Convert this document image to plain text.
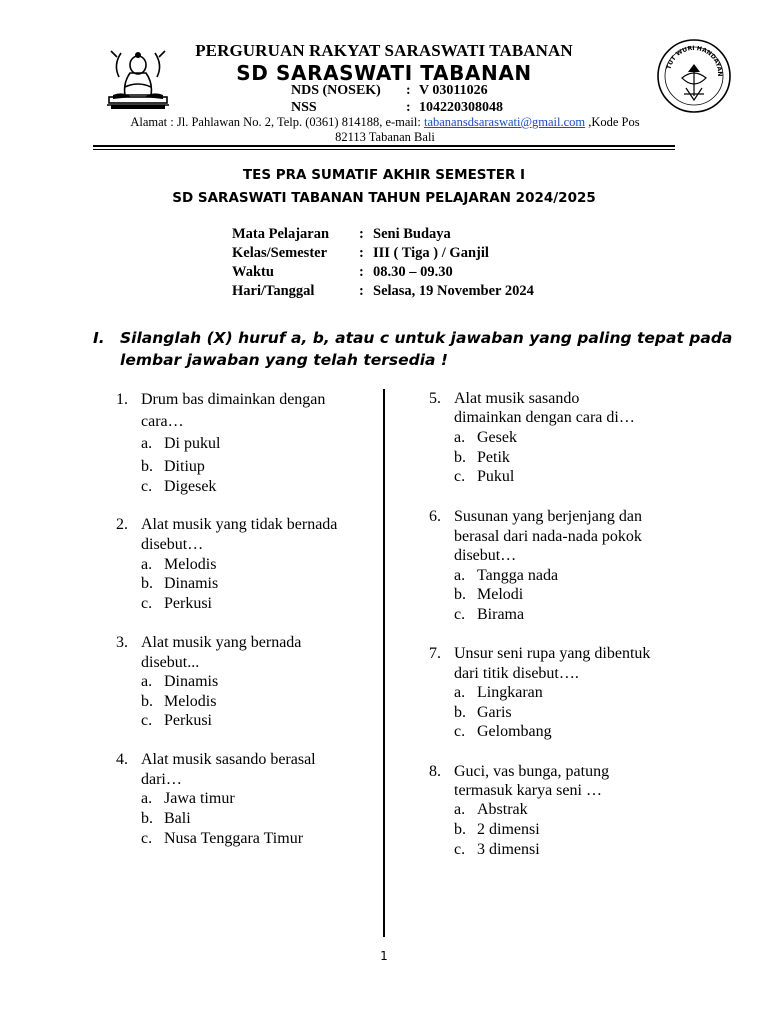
TUT WURI HANDAYAN
PERGURUAN RAKYAT SARASWATI TABANAN
SD SARASWATI TABANAN
NDS (NOSEK) : V 03011026
NSS	: 104220308048
Alamat : Jl. Pahlawan No. 2, Telp. (0361) 814188, e-mail: tabanansdsaraswati@gmail.com ,Kode Pos
82113 Tabanan Bali
TES PRA SUMATIF AKHIR SEMESTER I
SD SARASWATI TABANAN TAHUN PELAJARAN 2024/2025
Mata Pelajaran : Seni Budaya
Kelas/Semester : III ( Tiga ) / Ganjil
Waktu	: 08.30 – 09.30
Hari/Tanggal	: Selasa, 19 November 2024
I. Silanglah (X) huruf a, b, atau c untuk jawaban yang paling tepat pada
lembar jawaban yang telah tersedia !
1. Drum bas dimainkan dengan
cara…
a. Di pukul
b. Ditiup
c. Digesek
2. Alat musik yang tidak bernada
disebut…
a. Melodis
b. Dinamis
c. Perkusi
3. Alat musik yang bernada
disebut...
a. Dinamis
b. Melodis
c. Perkusi
4. Alat musik sasando berasal
dari…
a. Jawa timur
b. Bali
c. Nusa Tenggara Timur
5. Alat musik sasando
dimainkan dengan cara di…
a. Gesek
b. Petik
c. Pukul
6. Susunan yang berjenjang dan
berasal dari nada-nada pokok
disebut…
a. Tangga nada
b. Melodi
c. Birama
7. Unsur seni rupa yang dibentuk
dari titik disebut….
a. Lingkaran
b. Garis
c. Gelombang
8. Guci, vas bunga, patung
termasuk karya seni …
a. Abstrak
b. 2 dimensi
c. 3 dimensi
1
